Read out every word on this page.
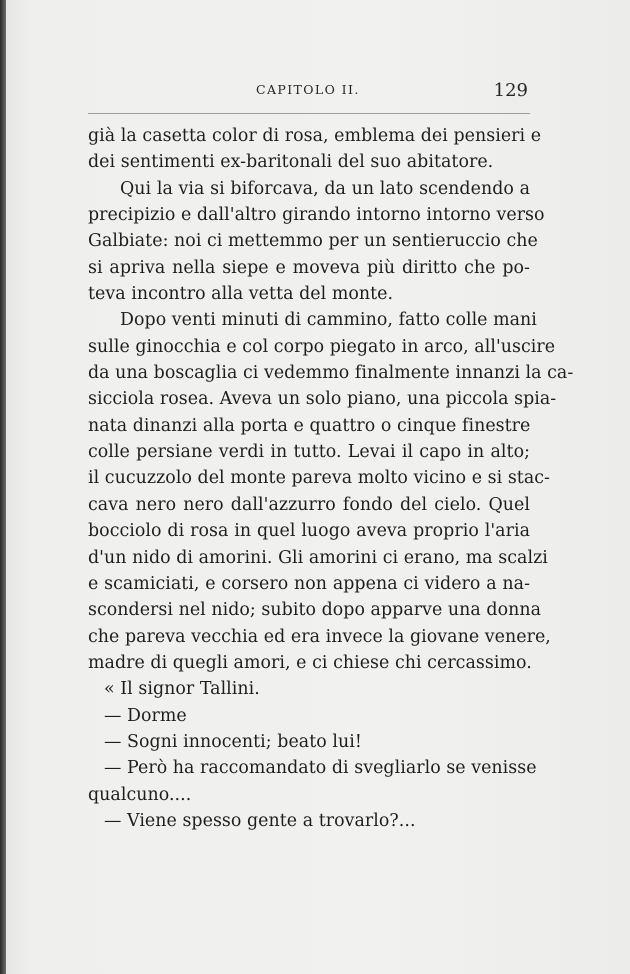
CAPITOLO II.	129
già la casetta color di rosa, emblema dei pensieri e
dei sentimenti ex-baritonali del suo abitatore.
Qui la via si biforcava, da un lato scendendo a
precipizio e dall'altro girando intorno intorno verso
Galbiate: noi ci mettemmo per un sentieruccio che
si apriva nella siepe e moveva più diritto che po-
teva incontro alla vetta del monte.
Dopo venti minuti di cammino, fatto colle mani
sulle ginocchia e col corpo piegato in arco, all'uscire
da una boscaglia ci vedemmo finalmente innanzi la ca-
sicciola rosea. Aveva un solo piano, una piccola spia-
nata dinanzi alla porta e quattro o cinque finestre
colle persiane verdi in tutto. Levai il capo in alto;
il cucuzzolo del monte pareva molto vicino e si stac-
cava nero nero dall'azzurro fondo del cielo. Quel
bocciolo di rosa in quel luogo aveva proprio l'aria
d'un nido di amorini. Gli amorini ci erano, ma scalzi
e scamiciati, e corsero non appena ci videro a na-
scondersi nel nido; subito dopo apparve una donna
che pareva vecchia ed era invece la giovane venere,
madre di quegli amori, e ci chiese chi cercassimo.
« Il signor Tallini.
— Dorme
— Sogni innocenti; beato lui!
— Però ha raccomandato di svegliarlo se venisse
qualcuno....
— Viene spesso gente a trovarlo?...
